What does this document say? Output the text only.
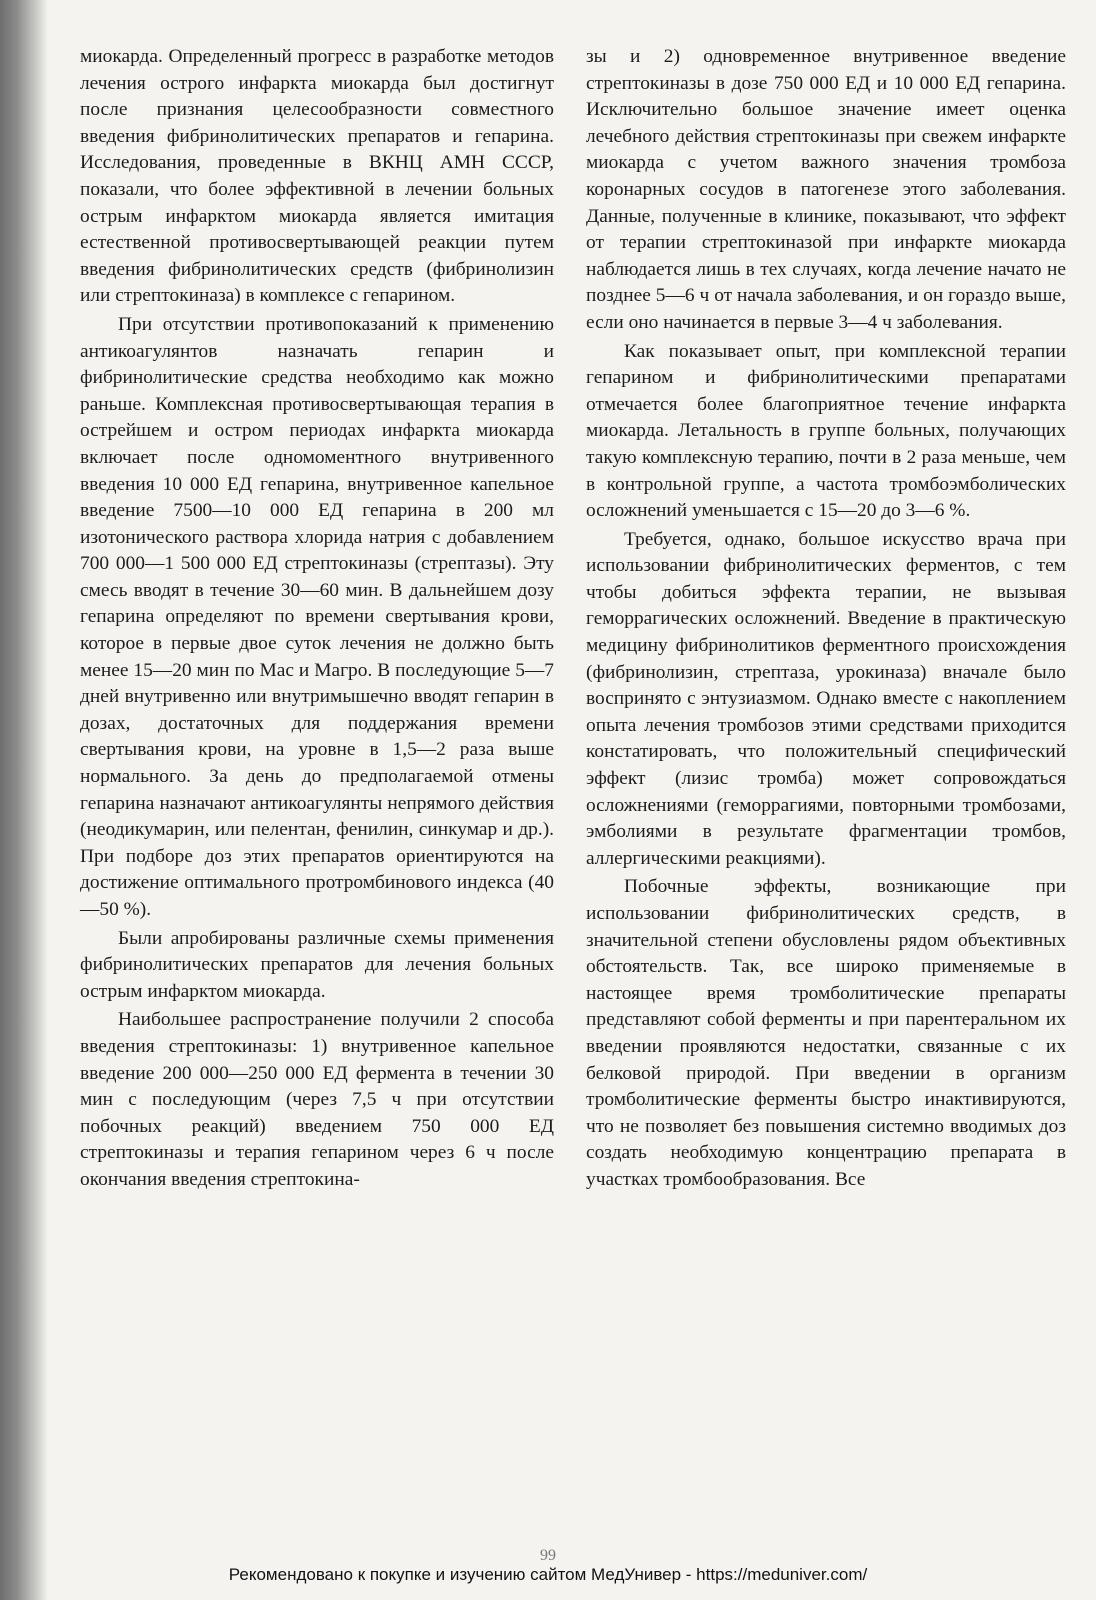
миокарда. Определенный прогресс в разработке методов лечения острого инфаркта миокарда был достигнут после признания целесообразности совместного введения фибринолитических препаратов и гепарина. Исследования, проведенные в ВКНЦ АМН СССР, показали, что более эффективной в лечении больных острым инфарктом миокарда является имитация естественной противосвертывающей реакции путем введения фибринолитических средств (фибринолизин или стрептокиназа) в комплексе с гепарином.

При отсутствии противопоказаний к применению антикоагулянтов назначать гепарин и фибринолитические средства необходимо как можно раньше. Комплексная противосвертывающая терапия в острейшем и остром периодах инфаркта миокарда включает после одномоментного внутривенного введения 10 000 ЕД гепарина, внутривенное капельное введение 7500—10 000 ЕД гепарина в 200 мл изотонического раствора хлорида натрия с добавлением 700 000—1 500 000 ЕД стрептокиназы (стрептазы). Эту смесь вводят в течение 30—60 мин. В дальнейшем дозу гепарина определяют по времени свертывания крови, которое в первые двое суток лечения не должно быть менее 15—20 мин по Мас и Магро. В последующие 5—7 дней внутривенно или внутримышечно вводят гепарин в дозах, достаточных для поддержания времени свертывания крови, на уровне в 1,5—2 раза выше нормального. За день до предполагаемой отмены гепарина назначают антикоагулянты непрямого действия (неодикумарин, или пелентан, фенилин, синкумар и др.). При подборе доз этих препаратов ориентируются на достижение оптимального протромбинового индекса (40—50 %).

Были апробированы различные схемы применения фибринолитических препаратов для лечения больных острым инфарктом миокарда.

Наибольшее распространение получили 2 способа введения стрептокиназы: 1) внутривенное капельное введение 200 000—250 000 ЕД фермента в течении 30 мин с последующим (через 7,5 ч при отсутствии побочных реакций) введением 750 000 ЕД стрептокиназы и терапия гепарином через 6 ч после окончания введения стрептокина-

зы и 2) одновременное внутривенное введение стрептокиназы в дозе 750 000 ЕД и 10 000 ЕД гепарина. Исключительно большое значение имеет оценка лечебного действия стрептокиназы при свежем инфаркте миокарда с учетом важного значения тромбоза коронарных сосудов в патогенезе этого заболевания. Данные, полученные в клинике, показывают, что эффект от терапии стрептокиназой при инфаркте миокарда наблюдается лишь в тех случаях, когда лечение начато не позднее 5—6 ч от начала заболевания, и он гораздо выше, если оно начинается в первые 3—4 ч заболевания.

Как показывает опыт, при комплексной терапии гепарином и фибринолитическими препаратами отмечается более благоприятное течение инфаркта миокарда. Летальность в группе больных, получающих такую комплексную терапию, почти в 2 раза меньше, чем в контрольной группе, а частота тромбоэмболических осложнений уменьшается с 15—20 до 3—6 %.

Требуется, однако, большое искусство врача при использовании фибринолитических ферментов, с тем чтобы добиться эффекта терапии, не вызывая геморрагических осложнений. Введение в практическую медицину фибринолитиков ферментного происхождения (фибринолизин, стрептаза, урокиназа) вначале было воспринято с энтузиазмом. Однако вместе с накоплением опыта лечения тромбозов этими средствами приходится констатировать, что положительный специфический эффект (лизис тромба) может сопровождаться осложнениями (геморрагиями, повторными тромбозами, эмболиями в результате фрагментации тромбов, аллергическими реакциями).

Побочные эффекты, возникающие при использовании фибринолитических средств, в значительной степени обусловлены рядом объективных обстоятельств. Так, все широко применяемые в настоящее время тромболитические препараты представляют собой ферменты и при парентеральном их введении проявляются недостатки, связанные с их белковой природой. При введении в организм тромболитические ферменты быстро инактивируются, что не позволяет без повышения системно вводимых доз создать необходимую концентрацию препарата в участках тромбообразования. Все

99
Рекомендовано к покупке и изучению сайтом МедУнивер - https://meduniver.com/
